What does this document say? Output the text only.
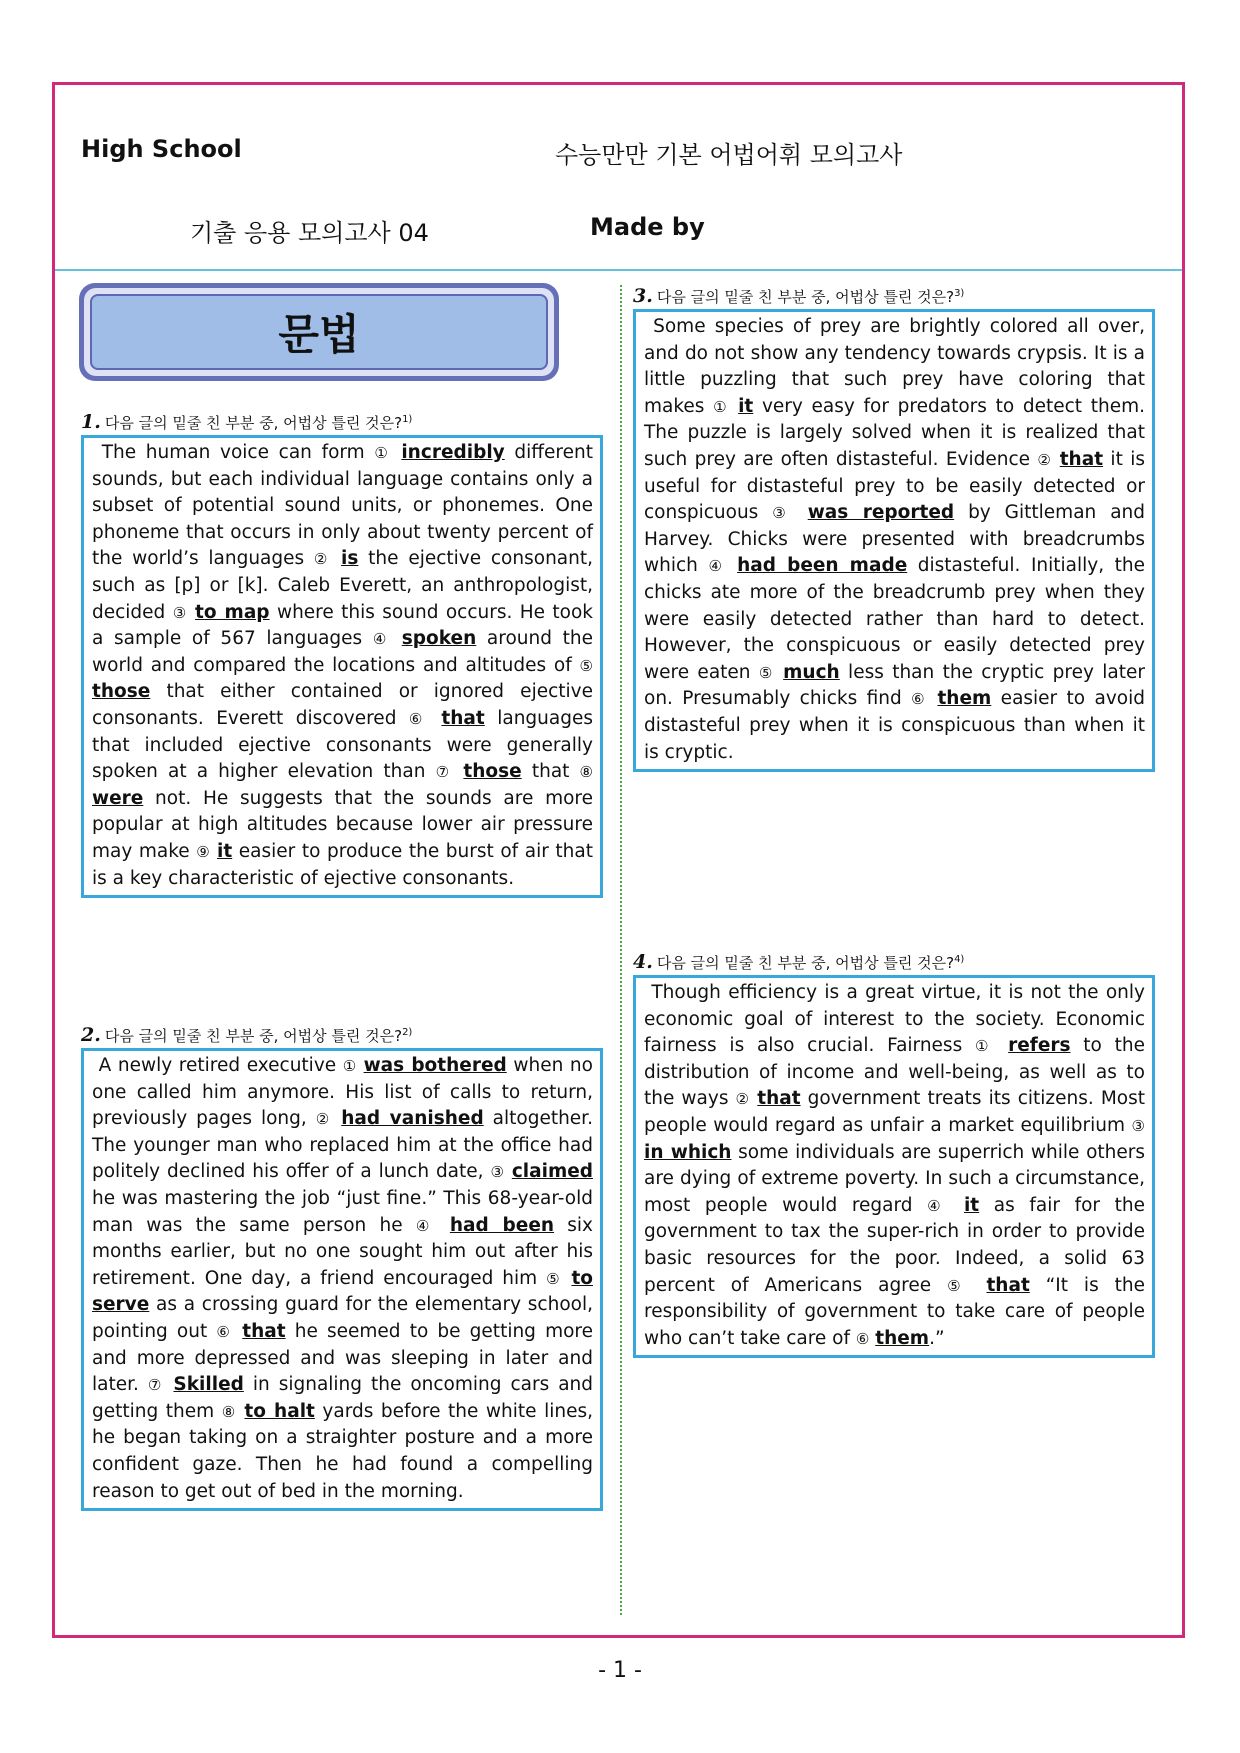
High School	수능만만 기본 어법어휘 모의고사
기출 응용 모의고사 04	Made by
문법
1. 다음 글의 밑줄 친 부분 중, 어법상 틀린 것은?$^{1)}$
The human voice can form ① incredibly different sounds, but each individual language contains only a subset of potential sound units, or phonemes. One phoneme that occurs in only about twenty percent of the world’s languages ② is the ejective consonant, such as [p] or [k]. Caleb Everett, an anthropologist, decided ③ to map where this sound occurs. He took a sample of 567 languages ④ spoken around the world and compared the locations and altitudes of ⑤ those that either contained or ignored ejective consonants. Everett discovered ⑥ that languages that included ejective consonants were generally spoken at a higher elevation than ⑦ those that ⑧ were not. He suggests that the sounds are more popular at high altitudes because lower air pressure may make ⑨ it easier to produce the burst of air that is a key characteristic of ejective consonants.
2. 다음 글의 밑줄 친 부분 중, 어법상 틀린 것은?$^{2)}$
A newly retired executive ① was bothered when no one called him anymore. His list of calls to return, previously pages long, ② had vanished altogether. The younger man who replaced him at the office had politely declined his offer of a lunch date, ③ claimed he was mastering the job “just fine.” This 68-year-old man was the same person he ④ had been six months earlier, but no one sought him out after his retirement. One day, a friend encouraged him ⑤ to serve as a crossing guard for the elementary school, pointing out ⑥ that he seemed to be getting more and more depressed and was sleeping in later and later. ⑦ Skilled in signaling the oncoming cars and getting them ⑧ to halt yards before the white lines, he began taking on a straighter posture and a more confident gaze. Then he had found a compelling reason to get out of bed in the morning.
3. 다음 글의 밑줄 친 부분 중, 어법상 틀린 것은?$^{3)}$
Some species of prey are brightly colored all over, and do not show any tendency towards crypsis. It is a little puzzling that such prey have coloring that makes ① it very easy for predators to detect them. The puzzle is largely solved when it is realized that such prey are often distasteful. Evidence ② that it is useful for distasteful prey to be easily detected or conspicuous ③ was reported by Gittleman and Harvey. Chicks were presented with breadcrumbs which ④ had been made distasteful. Initially, the chicks ate more of the breadcrumb prey when they were easily detected rather than hard to detect. However, the conspicuous or easily detected prey were eaten ⑤ much less than the cryptic prey later on. Presumably chicks find ⑥ them easier to avoid distasteful prey when it is conspicuous than when it is cryptic.
4. 다음 글의 밑줄 친 부분 중, 어법상 틀린 것은?$^{4)}$
Though efficiency is a great virtue, it is not the only economic goal of interest to the society. Economic fairness is also crucial. Fairness ① refers to the distribution of income and well-being, as well as to the ways ② that government treats its citizens. Most people would regard as unfair a market equilibrium ③ in which some individuals are superrich while others are dying of extreme poverty. In such a circumstance, most people would regard ④ it as fair for the government to tax the super-rich in order to provide basic resources for the poor. Indeed, a solid 63 percent of Americans agree ⑤ that “It is the responsibility of government to take care of people who can’t take care of ⑥ them.”
- 1 -
